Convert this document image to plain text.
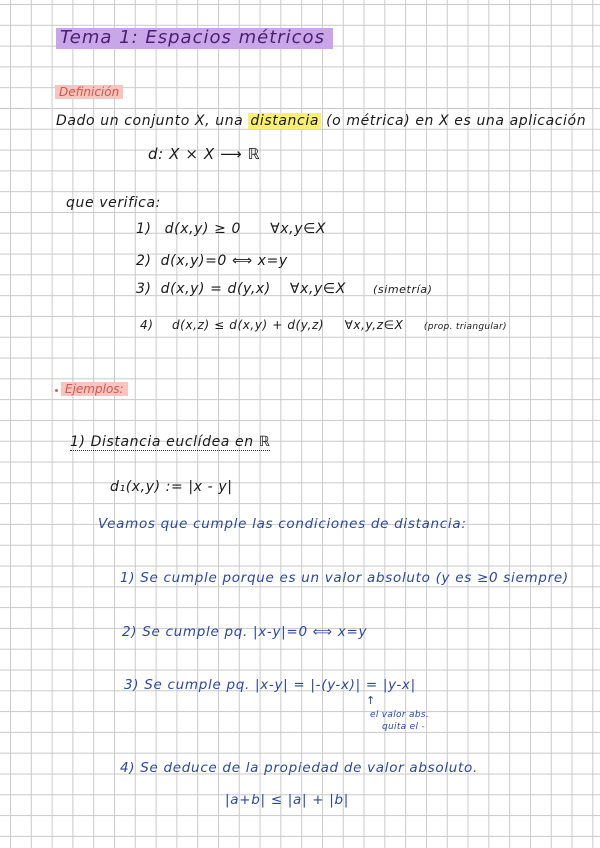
Tema 1: Espacios métricos
Definición
Dado un conjunto X, una distancia (o métrica) en X es una aplicación
d: X × X ⟶ ℝ
que verifica:
1) d(x,y) ≥ 0 ∀x,y∈X
2) d(x,y)=0 ⟺ x=y
3) d(x,y) = d(y,x) ∀x,y∈X (simetría)
4) d(x,z) ≤ d(x,y) + d(y,z) ∀x,y,z∈X (prop. triangular)
Ejemplos:
1) Distancia euclídea en ℝ
d₁(x,y) := |x - y|
Veamos que cumple las condiciones de distancia:
1) Se cumple porque es un valor absoluto (y es ≥0 siempre)
2) Se cumple pq. |x-y|=0 ⟺ x=y
3) Se cumple pq. |x-y| = |-(y-x)| = |y-x|
↑
el valor abs.
quita el -
4) Se deduce de la propiedad de valor absoluto.
|a+b| ≤ |a| + |b|
